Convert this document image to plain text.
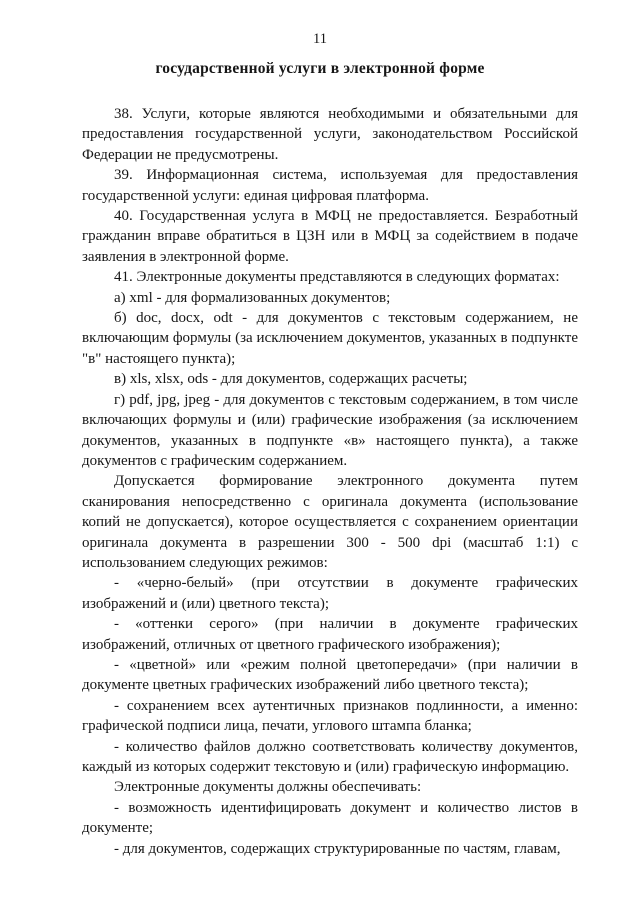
11
государственной услуги в электронной форме

38. Услуги, которые являются необходимыми и обязательными для предоставления государственной услуги, законодательством Российской Федерации не предусмотрены.

39. Информационная система, используемая для предоставления государственной услуги: единая цифровая платформа.

40. Государственная услуга в МФЦ не предоставляется. Безработный гражданин вправе обратиться в ЦЗН или в МФЦ за содействием в подаче заявления в электронной форме.

41. Электронные документы представляются в следующих форматах:

а) xml - для формализованных документов;

б) doc, docx, odt - для документов с текстовым содержанием, не включающим формулы (за исключением документов, указанных в подпункте "в" настоящего пункта);

в) xls, xlsx, ods - для документов, содержащих расчеты;

г) pdf, jpg, jpeg - для документов с текстовым содержанием, в том числе включающих формулы и (или) графические изображения (за исключением документов, указанных в подпункте «в» настоящего пункта), а также документов с графическим содержанием.

Допускается формирование электронного документа путем сканирования непосредственно с оригинала документа (использование копий не допускается), которое осуществляется с сохранением ориентации оригинала документа в разрешении 300 - 500 dpi (масштаб 1:1) с использованием следующих режимов:

- «черно-белый» (при отсутствии в документе графических изображений и (или) цветного текста);

- «оттенки серого» (при наличии в документе графических изображений, отличных от цветного графического изображения);

- «цветной» или «режим полной цветопередачи» (при наличии в документе цветных графических изображений либо цветного текста);

- сохранением всех аутентичных признаков подлинности, а именно: графической подписи лица, печати, углового штампа бланка;

- количество файлов должно соответствовать количеству документов, каждый из которых содержит текстовую и (или) графическую информацию.

Электронные документы должны обеспечивать:

- возможность идентифицировать документ и количество листов в документе;

- для документов, содержащих структурированные по частям, главам,
